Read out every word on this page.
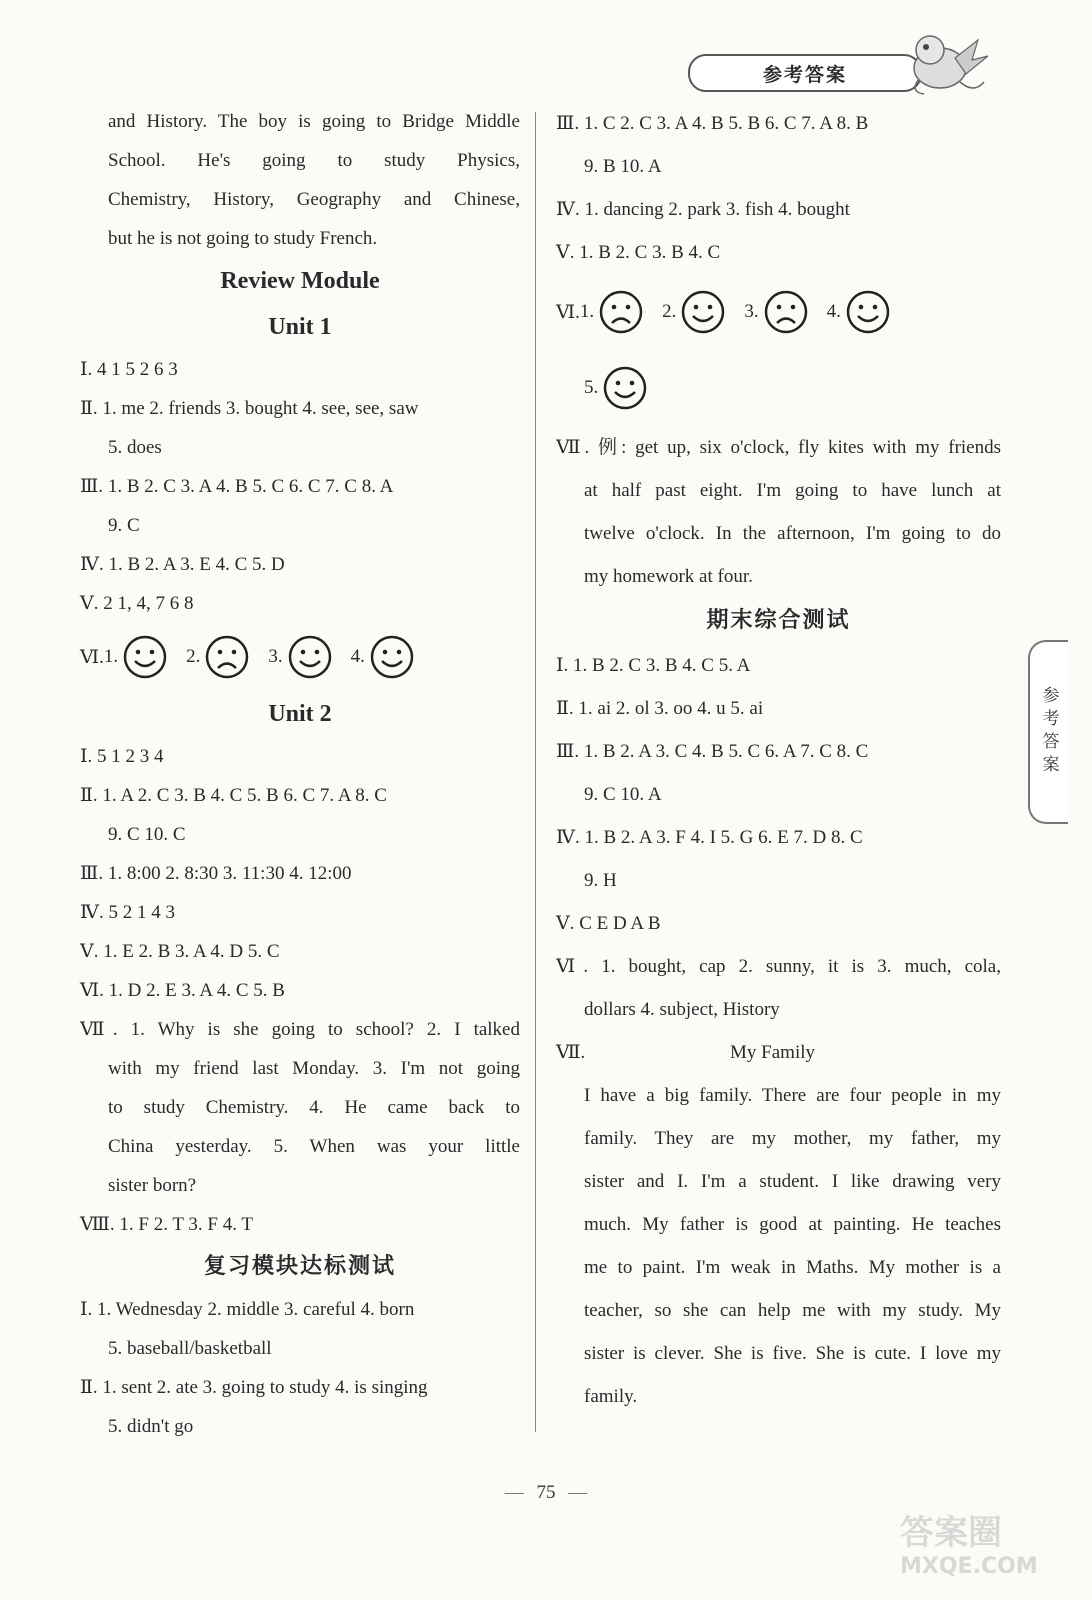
参考答案
参考答案
and History. The boy is going to Bridge Middle
School. He's going to study Physics,
Chemistry, History, Geography and Chinese,
but he is not going to study French.
Review Module
Unit 1
Ⅰ. 4 1 5 2 6 3
Ⅱ. 1. me 2. friends 3. bought 4. see, see, saw
5. does
Ⅲ. 1. B 2. C 3. A 4. B 5. C 6. C 7. C 8. A
9. C
Ⅳ. 1. B 2. A 3. E 4. C 5. D
Ⅴ. 2 1, 4, 7 6 8
Ⅵ. 1.	2.	3.	4.
Unit 2
Ⅰ. 5 1 2 3 4
Ⅱ. 1. A 2. C 3. B 4. C 5. B 6. C 7. A 8. C
9. C 10. C
Ⅲ. 1. 8:00 2. 8:30 3. 11:30 4. 12:00
Ⅳ. 5 2 1 4 3
Ⅴ. 1. E 2. B 3. A 4. D 5. C
Ⅵ. 1. D 2. E 3. A 4. C 5. B
Ⅶ. 1. Why is she going to school? 2. I talked
with my friend last Monday. 3. I'm not going
to study Chemistry. 4. He came back to
China yesterday. 5. When was your little
sister born?
Ⅷ. 1. F 2. T 3. F 4. T
复习模块达标测试
Ⅰ. 1. Wednesday 2. middle 3. careful 4. born
5. baseball/basketball
Ⅱ. 1. sent 2. ate 3. going to study 4. is singing
5. didn't go
Ⅲ. 1. C 2. C 3. A 4. B 5. B 6. C 7. A 8. B
9. B 10. A
Ⅳ. 1. dancing 2. park 3. fish 4. bought
Ⅴ. 1. B 2. C 3. B 4. C
Ⅵ. 1.	2.	3.	4.
5.
Ⅶ. 例: get up, six o'clock, fly kites with my friends
at half past eight. I'm going to have lunch at
twelve o'clock. In the afternoon, I'm going to do
my homework at four.
期末综合测试
Ⅰ. 1. B 2. C 3. B 4. C 5. A
Ⅱ. 1. ai 2. ol 3. oo 4. u 5. ai
Ⅲ. 1. B 2. A 3. C 4. B 5. C 6. A 7. C 8. C
9. C 10. A
Ⅳ. 1. B 2. A 3. F 4. I 5. G 6. E 7. D 8. C
9. H
Ⅴ. C E D A B
Ⅵ. 1. bought, cap 2. sunny, it is 3. much, cola,
dollars 4. subject, History
Ⅶ.	My Family
I have a big family. There are four people in my
family. They are my mother, my father, my
sister and I. I'm a student. I like drawing very
much. My father is good at painting. He teaches
me to paint. I'm weak in Maths. My mother is a
teacher, so she can help me with my study. My
sister is clever. She is five. She is cute. I love my
family.
— 75 —
答案圈
MXQE.COM
